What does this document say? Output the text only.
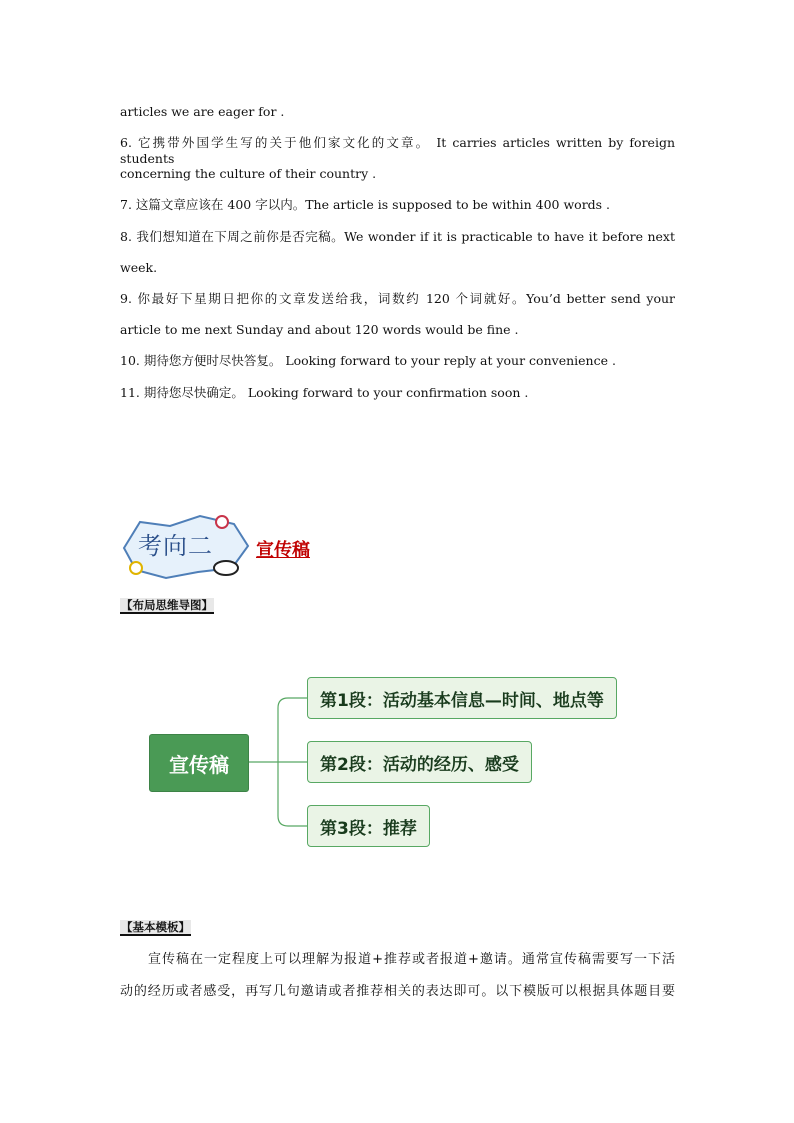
articles we are eager for .
6. 它携带外国学生写的关于他们家文化的文章。 It carries articles written by foreign students
concerning the culture of their country .
7. 这篇文章应该在 400 字以内。The article is supposed to be within 400 words .
8. 我们想知道在下周之前你是否完稿。We wonder if it is practicable to have it before next
week.
9. 你最好下星期日把你的文章发送给我，词数约 120 个词就好。You’d better send your
article to me next Sunday and about 120 words would be fine .
10. 期待您方便时尽快答复。 Looking forward to your reply at your convenience .
11. 期待您尽快确定。 Looking forward to your confirmation soon .
考向二 宣传稿
【布局思维导图】
宣传稿
第1段：活动基本信息—时间、地点等
第2段：活动的经历、感受
第3段：推荐
【基本模板】
宣传稿在一定程度上可以理解为报道+推荐或者报道+邀请。通常宣传稿需要写一下活
动的经历或者感受，再写几句邀请或者推荐相关的表达即可。以下模版可以根据具体题目要
